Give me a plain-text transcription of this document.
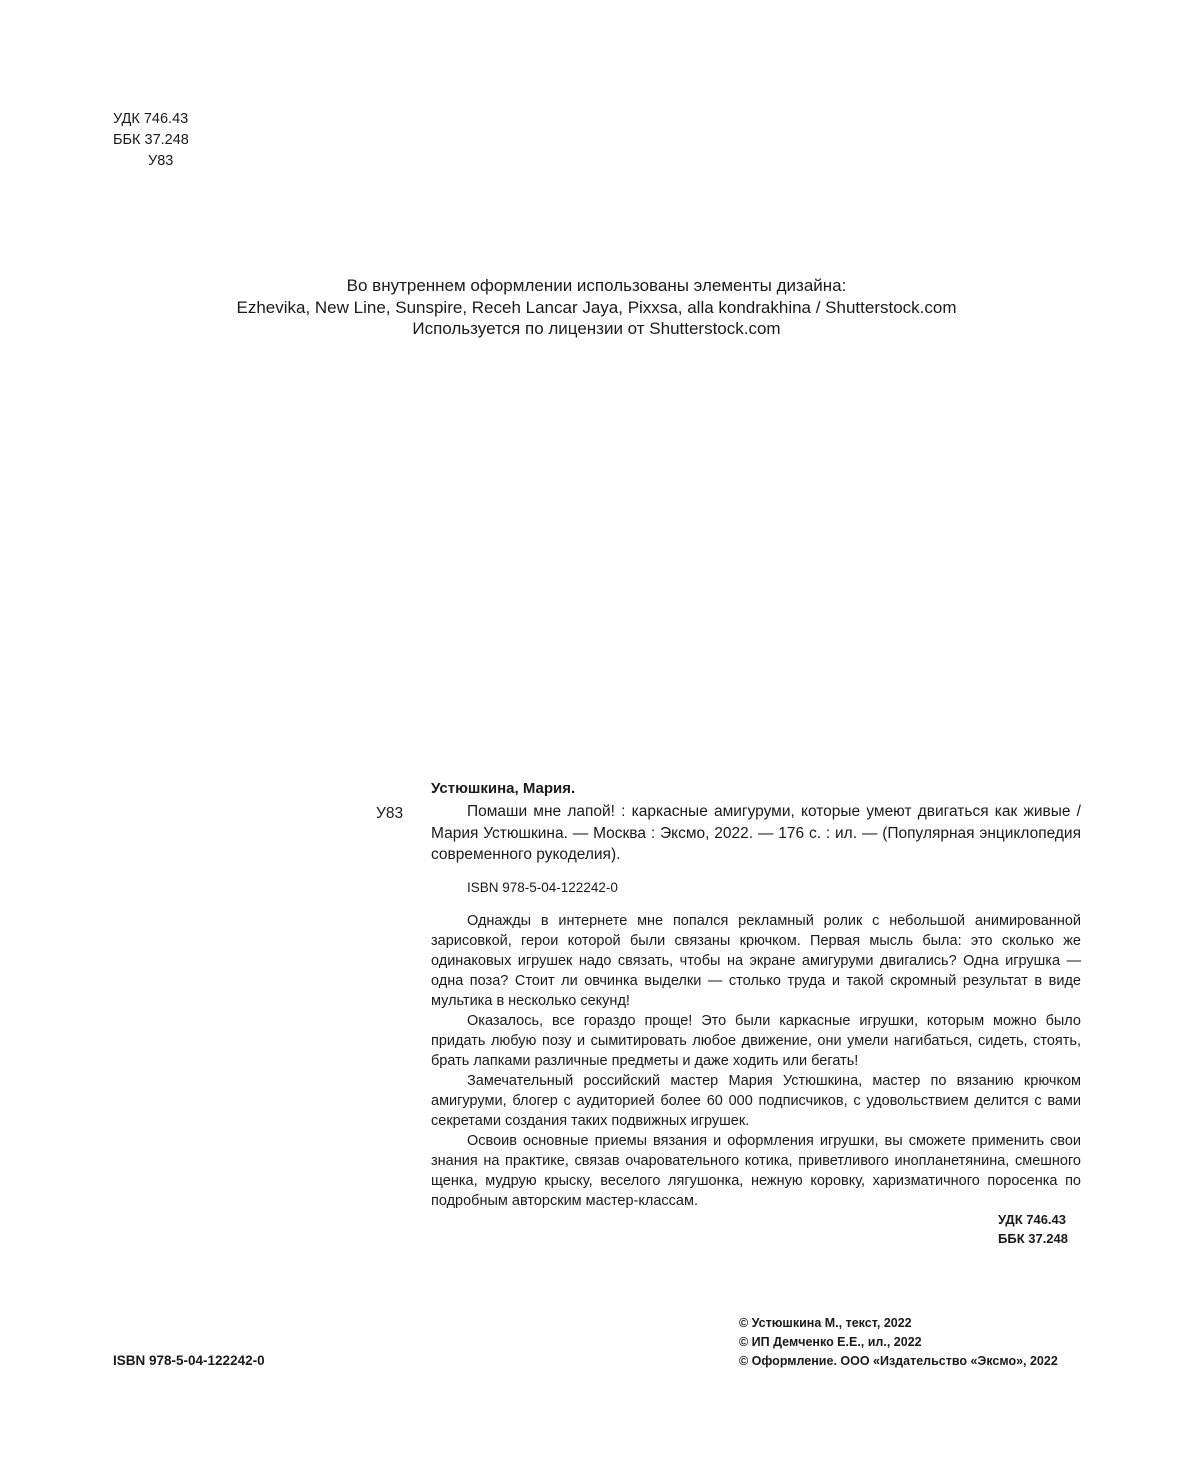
УДК 746.43
ББК 37.248
У83
Во внутреннем оформлении использованы элементы дизайна:
Ezhevika, New Line, Sunspire, Receh Lancar Jaya, Pixxsa, alla kondrakhina / Shutterstock.com
Используется по лицензии от Shutterstock.com
Устюшкина, Мария.
У83	Помаши мне лапой! : каркасные амигуруми, которые умеют двигаться как живые / Мария Устюшкина. — Москва : Эксмо, 2022. — 176 с. : ил. — (Популярная энциклопедия современного рукоделия).

ISBN 978-5-04-122242-0

Однажды в интернете мне попался рекламный ролик с небольшой анимированной зарисовкой, герои которой были связаны крючком. Первая мысль была: это сколько же одинаковых игрушек надо связать, чтобы на экране амигуруми двигались? Одна игрушка — одна поза? Стоит ли овчинка выделки — столько труда и такой скромный результат в виде мультика в несколько секунд!

Оказалось, все гораздо проще! Это были каркасные игрушки, которым можно было придать любую позу и сымитировать любое движение, они умели нагибаться, сидеть, стоять, брать лапками различные предметы и даже ходить или бегать!

Замечательный российский мастер Мария Устюшкина, мастер по вязанию крючком амигуруми, блогер с аудиторией более 60 000 подписчиков, с удовольствием делится с вами секретами создания таких подвижных игрушек.

Освоив основные приемы вязания и оформления игрушки, вы сможете применить свои знания на практике, связав очаровательного котика, приветливого инопланетянина, смешного щенка, мудрую крыску, веселого лягушонка, нежную коровку, харизматичного поросенка по подробным авторским мастер-классам.

УДК 746.43
ББК 37.248
© Устюшкина М., текст, 2022
© ИП Демченко Е.Е., ил., 2022
© Оформление. ООО «Издательство «Эксмо», 2022
ISBN 978-5-04-122242-0
